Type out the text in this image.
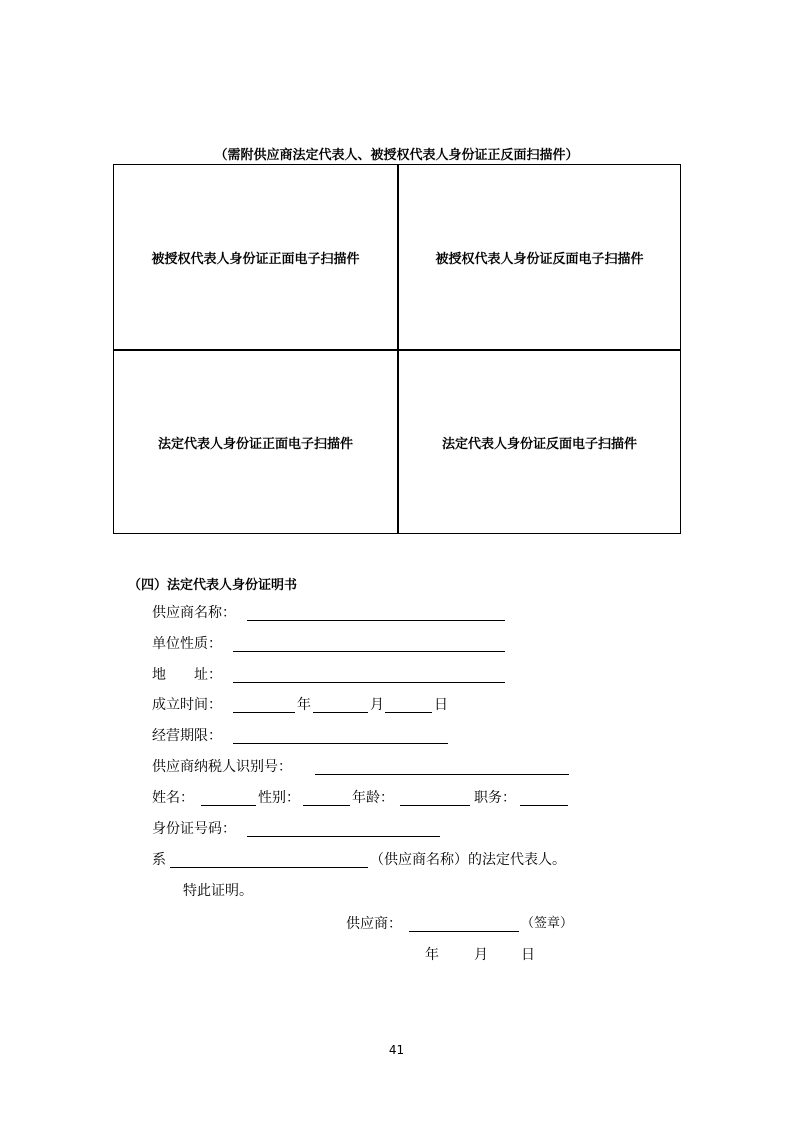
（需附供应商法定代表人、被授权代表人身份证正反面扫描件）
被授权代表人身份证正面电子扫描件	被授权代表人身份证反面电子扫描件
法定代表人身份证正面电子扫描件	法定代表人身份证反面电子扫描件
（四）法定代表人身份证明书
供应商名称：
单位性质：
地　　址：
成立时间：	年	月	日
经营期限：
供应商纳税人识别号：
姓名：	性别：	年龄：	职务：
身份证号码：
系	（供应商名称）的法定代表人。
特此证明。
供应商：	（签章）
年	月 日
41
